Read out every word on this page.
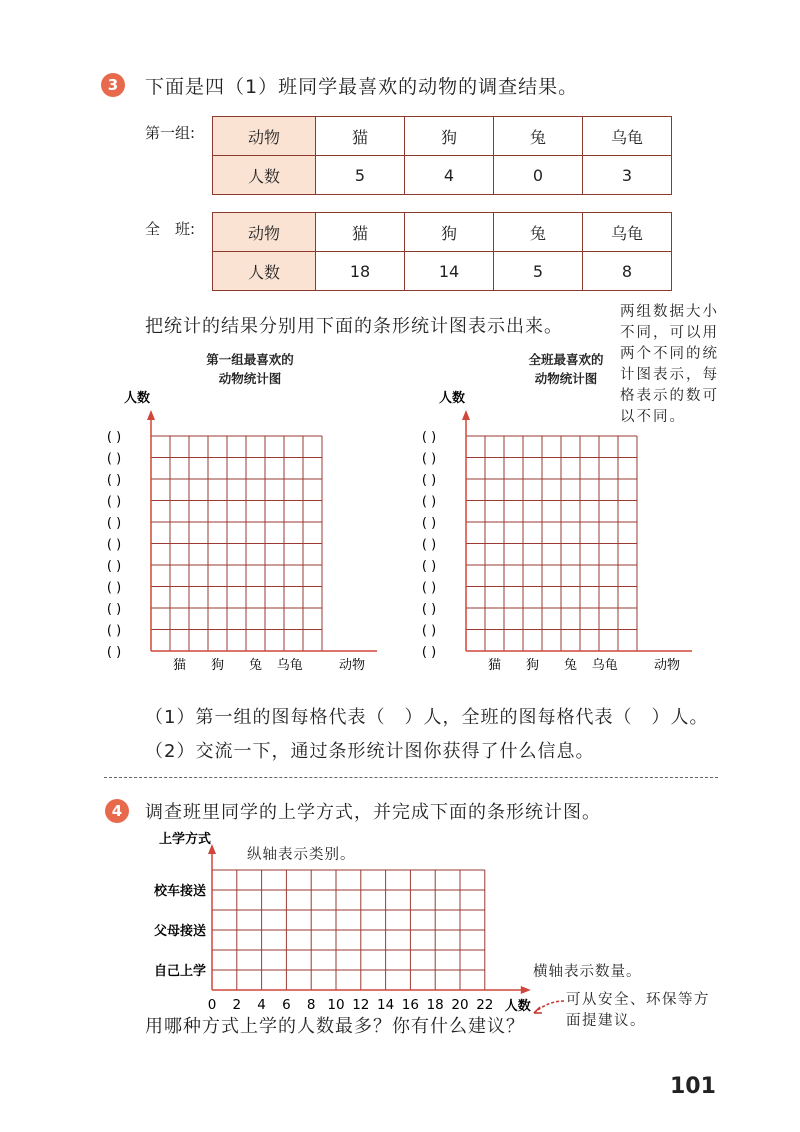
3	下面是四（1）班同学最喜欢的动物的调查结果。
第一组:	动物	猫	狗	兔	乌龟
人数	5	4	0	3
全　班:	动物	猫	狗	兔	乌龟
人数	18	14	5	8
把统计的结果分别用下面的条形统计图表示出来。
两组数据大小
不同，可以用
两个不同的统
计图表示，每
格表示的数可
以不同。
第一组最喜欢的
动物统计图
全班最喜欢的
动物统计图
人数
( )
( )
( )
( )
( )
( )
( )
( )
( )
( )
( )
猫 狗 兔 乌龟	动物
人数
( )
( )
( )
( )
( )
( )
( )
( )
( )
( )
( )
猫 狗 兔 乌龟	动物
（1）第一组的图每格代表（　）人，全班的图每格代表（　）人。
（2）交流一下，通过条形统计图你获得了什么信息。
4	调查班里同学的上学方式，并完成下面的条形统计图。
纵轴表示类别。
横轴表示数量。
上学方式
校车接送
父母接送
自己上学
0 2 4 6 8 10 12 14 16 18 20 22 人数
用哪种方式上学的人数最多？你有什么建议？
可从安全、环保等方
面提建议。
101
